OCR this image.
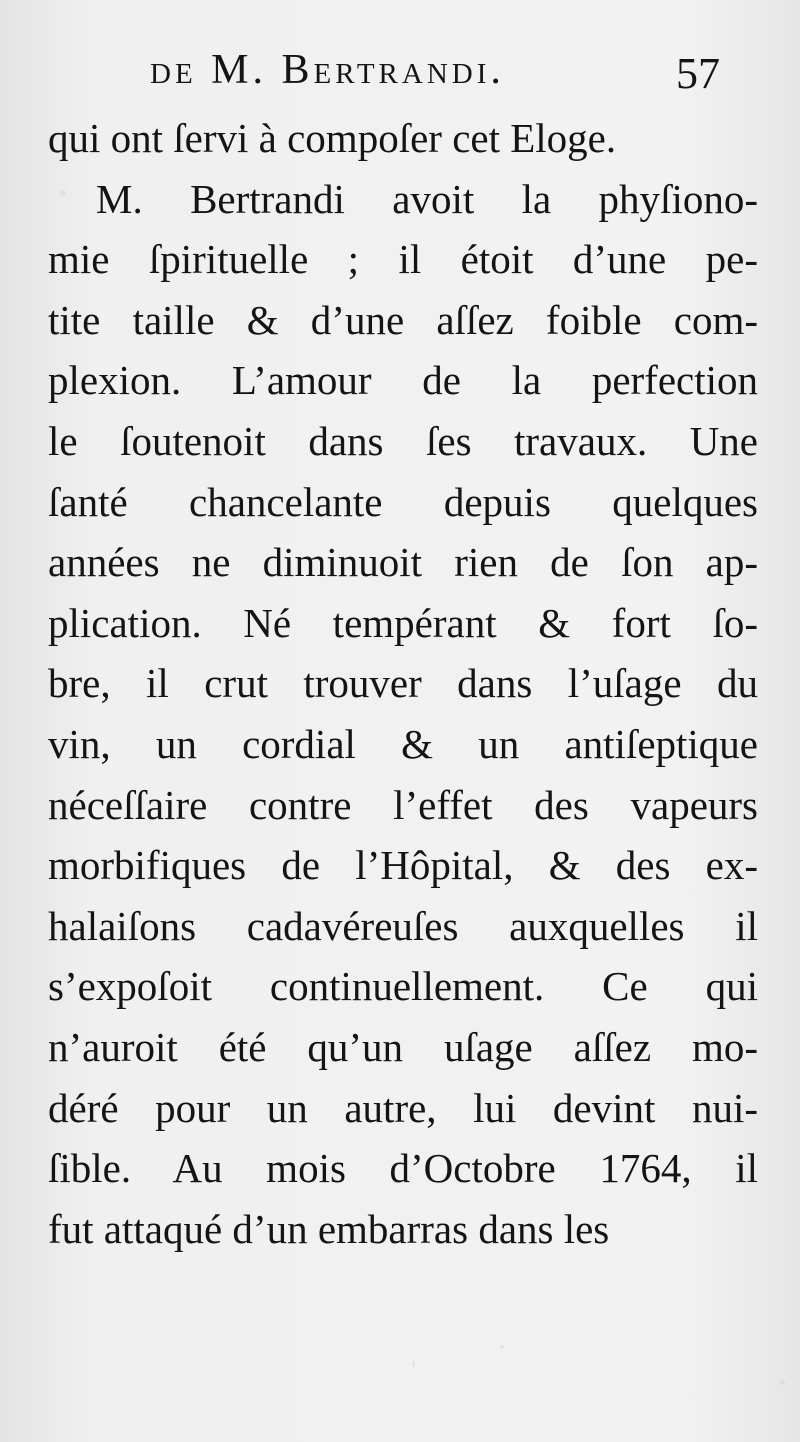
de M. Bertrandi.	57
qui ont ſervi à compoſer cet Eloge.
M. Bertrandi avoit la phyſiono-
mie ſpirituelle ; il étoit d’une pe-
tite taille & d’une aſſez foible com-
plexion. L’amour de la perfection
le ſoutenoit dans ſes travaux. Une
ſanté chancelante depuis quelques
années ne diminuoit rien de ſon ap-
plication. Né tempérant & fort ſo-
bre, il crut trouver dans l’uſage du
vin, un cordial & un antiſeptique
néceſſaire contre l’effet des vapeurs
morbifiques de l’Hôpital, & des ex-
halaiſons cadavéreuſes auxquelles il
s’expoſoit continuellement. Ce qui
n’auroit été qu’un uſage aſſez mo-
déré pour un autre, lui devint nui-
ſible. Au mois d’Octobre 1764, il
fut attaqué d’un embarras dans les
